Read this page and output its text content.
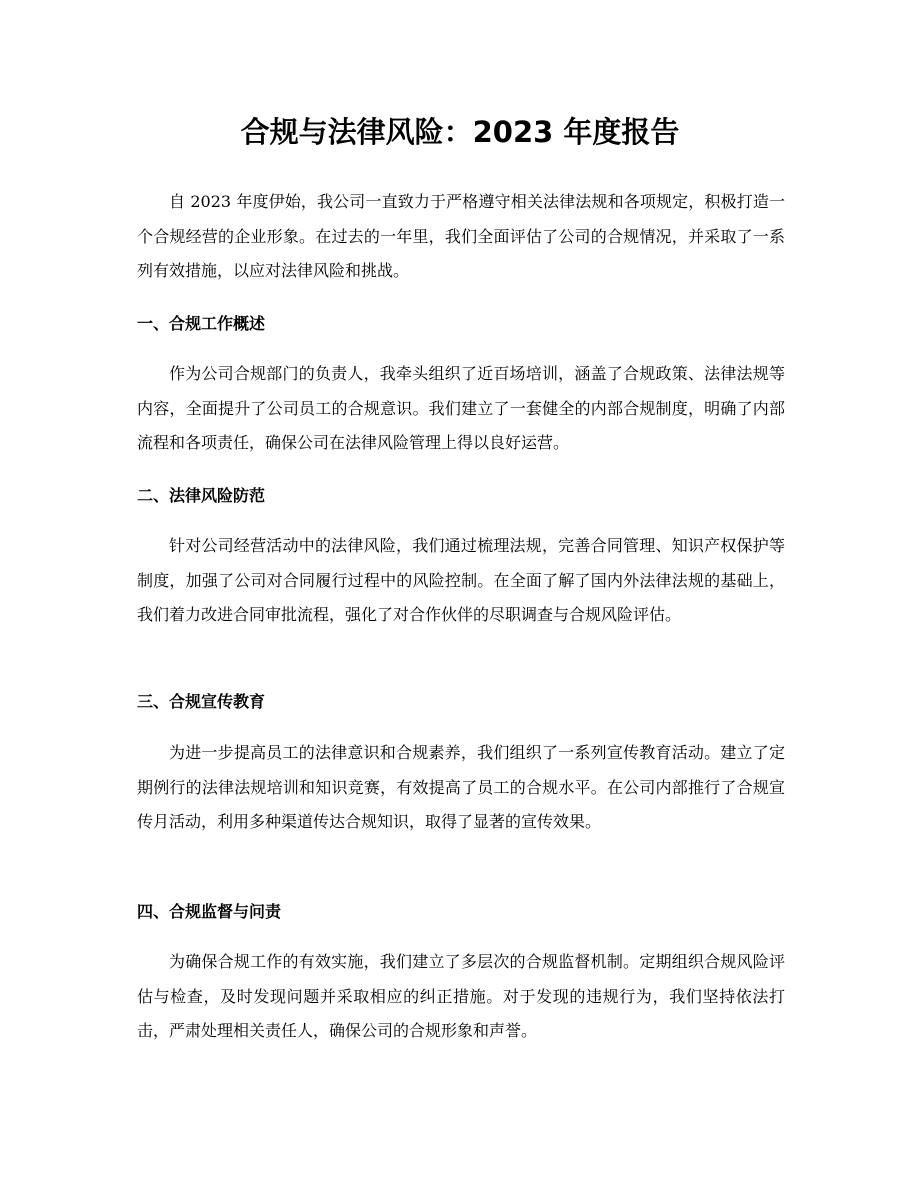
合规与法律风险：2023 年度报告

自 2023 年度伊始，我公司一直致力于严格遵守相关法律法规和各项规定，积极打造一个合规经营的企业形象。在过去的一年里，我们全面评估了公司的合规情况，并采取了一系列有效措施，以应对法律风险和挑战。

一、合规工作概述

作为公司合规部门的负责人，我牵头组织了近百场培训，涵盖了合规政策、法律法规等内容，全面提升了公司员工的合规意识。我们建立了一套健全的内部合规制度，明确了内部流程和各项责任，确保公司在法律风险管理上得以良好运营。

二、法律风险防范

针对公司经营活动中的法律风险，我们通过梳理法规，完善合同管理、知识产权保护等制度，加强了公司对合同履行过程中的风险控制。在全面了解了国内外法律法规的基础上，我们着力改进合同审批流程，强化了对合作伙伴的尽职调查与合规风险评估。

三、合规宣传教育

为进一步提高员工的法律意识和合规素养，我们组织了一系列宣传教育活动。建立了定期例行的法律法规培训和知识竞赛，有效提高了员工的合规水平。在公司内部推行了合规宣传月活动，利用多种渠道传达合规知识，取得了显著的宣传效果。

四、合规监督与问责

为确保合规工作的有效实施，我们建立了多层次的合规监督机制。定期组织合规风险评估与检查，及时发现问题并采取相应的纠正措施。对于发现的违规行为，我们坚持依法打击，严肃处理相关责任人，确保公司的合规形象和声誉。
